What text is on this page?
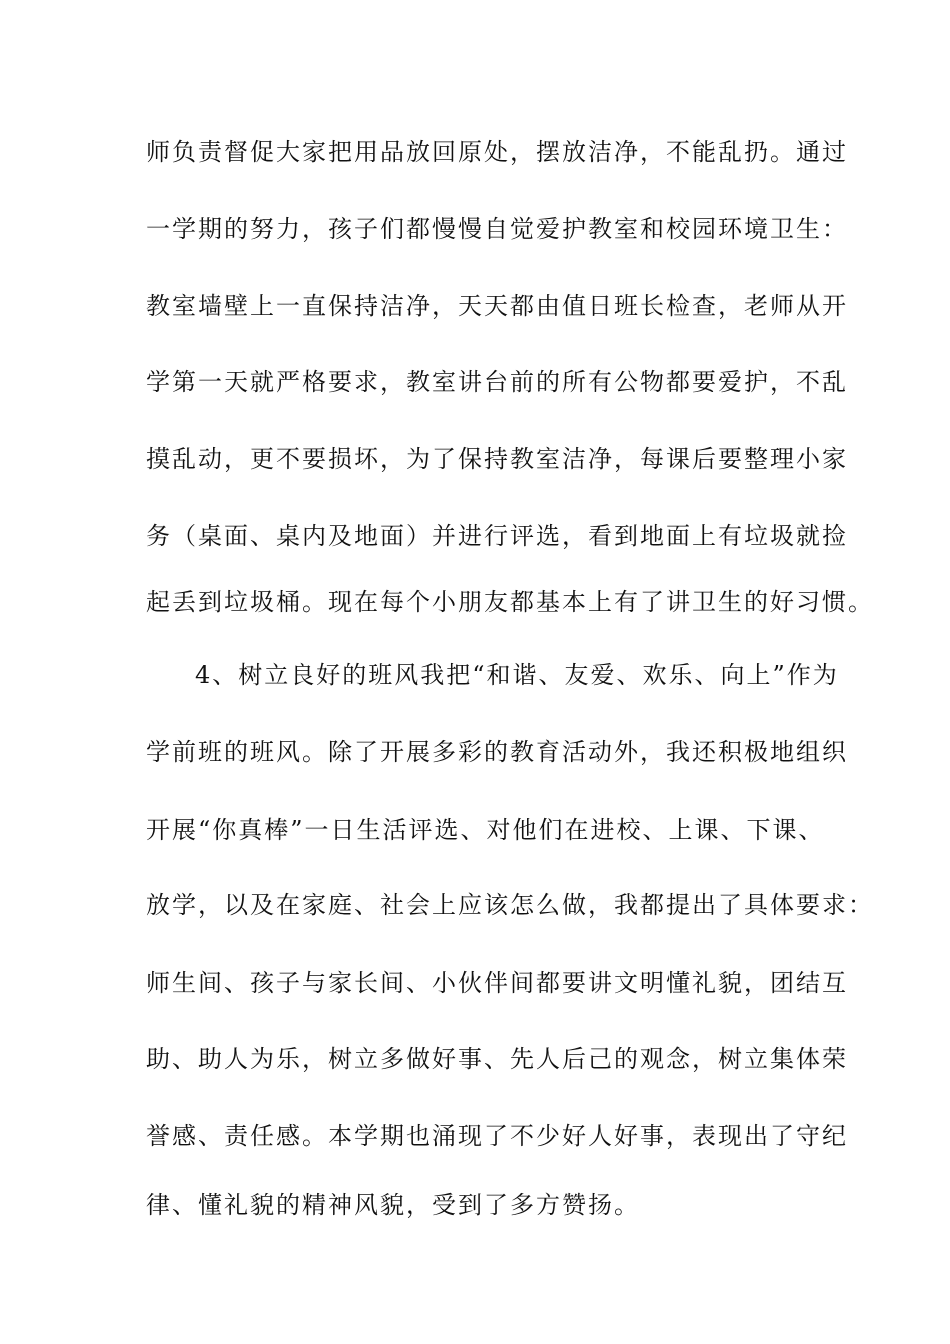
师负责督促大家把用品放回原处，摆放洁净，不能乱扔。通过
一学期的努力，孩子们都慢慢自觉爱护教室和校园环境卫生：
教室墙壁上一直保持洁净，天天都由值日班长检查，老师从开
学第一天就严格要求，教室讲台前的所有公物都要爱护，不乱
摸乱动，更不要损坏，为了保持教室洁净，每课后要整理小家
务（桌面、桌内及地面）并进行评选，看到地面上有垃圾就捡
起丢到垃圾桶。现在每个小朋友都基本上有了讲卫生的好习惯。
4、树立良好的班风我把“和谐、友爱、欢乐、向上”作为
学前班的班风。除了开展多彩的教育活动外，我还积极地组织
开展“你真棒”一日生活评选、对他们在进校、上课、下课、
放学，以及在家庭、社会上应该怎么做，我都提出了具体要求：
师生间、孩子与家长间、小伙伴间都要讲文明懂礼貌，团结互
助、助人为乐，树立多做好事、先人后己的观念，树立集体荣
誉感、责任感。本学期也涌现了不少好人好事，表现出了守纪
律、懂礼貌的精神风貌，受到了多方赞扬。
